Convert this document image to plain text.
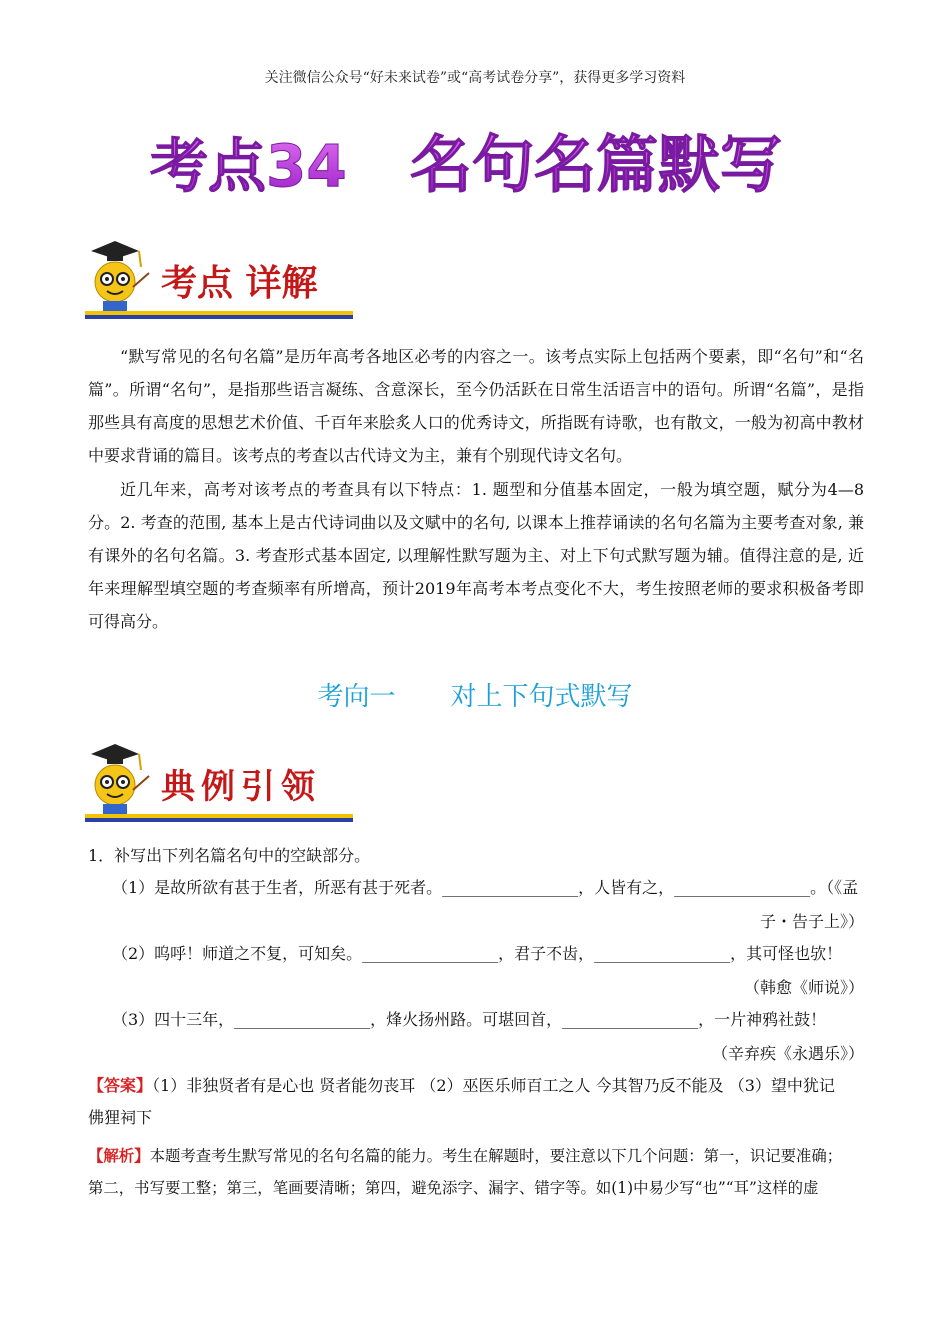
关注微信公众号“好未来试卷”或“高考试卷分享”，获得更多学习资料
考点34 名句名篇默写
考点 详解

“默写常见的名句名篇”是历年高考各地区必考的内容之一。该考点实际上包括两个要素，即“名句”和“名篇”。所谓“名句”，是指那些语言凝练、含意深长，至今仍活跃在日常生活语言中的语句。所谓“名篇”，是指那些具有高度的思想艺术价值、千百年来脍炙人口的优秀诗文，所指既有诗歌，也有散文，一般为初高中教材中要求背诵的篇目。该考点的考查以古代诗文为主，兼有个别现代诗文名句。

近几年来，高考对该考点的考查具有以下特点：1. 题型和分值基本固定，一般为填空题，赋分为4—8分。2. 考查的范围, 基本上是古代诗词曲以及文赋中的名句, 以课本上推荐诵读的名句名篇为主要考查对象, 兼有课外的名句名篇。3. 考查形式基本固定, 以理解性默写题为主、对上下句式默写题为辅。值得注意的是, 近年来理解型填空题的考查频率有所增高，预计2019年高考本考点变化不大，考生按照老师的要求积极备考即可得高分。

考向一 对上下句式默写
典例引领
1．补写出下列名篇名句中的空缺部分。
（1）是故所欲有甚于生者，所恶有甚于死者。_________________，人皆有之，_________________。（《孟
子・告子上》）
（2）呜呼！师道之不复，可知矣。_________________，君子不齿，_________________，其可怪也欤！
（韩愈《师说》）
（3）四十三年，_________________，烽火扬州路。可堪回首，_________________，一片神鸦社鼓！
（辛弃疾《永遇乐》）
【答案】（1）非独贤者有是心也 贤者能勿丧耳 （2）巫医乐师百工之人 今其智乃反不能及 （3）望中犹记
佛狸祠下
【解析】本题考查考生默写常见的名句名篇的能力。考生在解题时，要注意以下几个问题：第一，识记要准确；
第二，书写要工整；第三，笔画要清晰；第四，避免添字、漏字、错字等。如(1)中易少写“也”“耳”这样的虚
